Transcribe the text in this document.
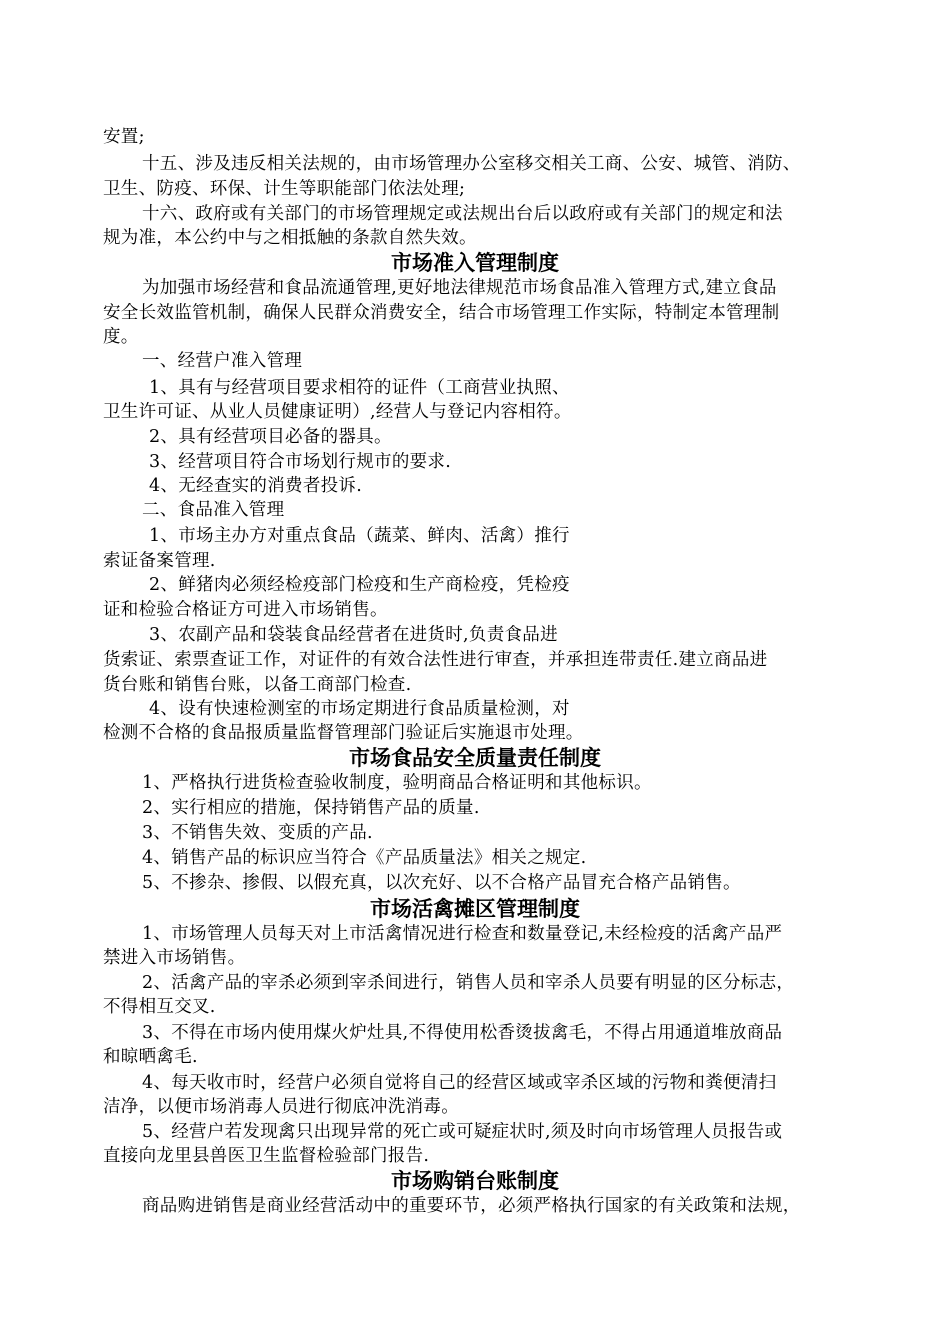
安置;
十五、涉及违反相关法规的，由市场管理办公室移交相关工商、公安、城管、消防、
卫生、防疫、环保、计生等职能部门依法处理;
十六、政府或有关部门的市场管理规定或法规出台后以政府或有关部门的规定和法
规为准，本公约中与之相抵触的条款自然失效。
市场准入管理制度
为加强市场经营和食品流通管理,更好地法律规范市场食品准入管理方式,建立食品
安全长效监管机制，确保人民群众消费安全，结合市场管理工作实际，特制定本管理制
度。
一、经营户准入管理
1、具有与经营项目要求相符的证件（工商营业执照、
卫生许可证、从业人员健康证明）,经营人与登记内容相符。
2、具有经营项目必备的器具。
3、经营项目符合市场划行规市的要求.
4、无经查实的消费者投诉.
二、食品准入管理
1、市场主办方对重点食品（蔬菜、鲜肉、活禽）推行
索证备案管理.
2、鲜猪肉必须经检疫部门检疫和生产商检疫，凭检疫
证和检验合格证方可进入市场销售。
3、农副产品和袋装食品经营者在进货时,负责食品进
货索证、索票查证工作，对证件的有效合法性进行审查，并承担连带责任.建立商品进
货台账和销售台账，以备工商部门检查.
4、设有快速检测室的市场定期进行食品质量检测，对
检测不合格的食品报质量监督管理部门验证后实施退市处理。
市场食品安全质量责任制度
1、严格执行进货检查验收制度，验明商品合格证明和其他标识。
2、实行相应的措施，保持销售产品的质量.
3、不销售失效、变质的产品.
4、销售产品的标识应当符合《产品质量法》相关之规定.
5、不掺杂、掺假、以假充真，以次充好、以不合格产品冒充合格产品销售。
市场活禽摊区管理制度
1、市场管理人员每天对上市活禽情况进行检查和数量登记,未经检疫的活禽产品严
禁进入市场销售。
2、活禽产品的宰杀必须到宰杀间进行，销售人员和宰杀人员要有明显的区分标志，
不得相互交叉.
3、不得在市场内使用煤火炉灶具,不得使用松香烫拔禽毛，不得占用通道堆放商品
和晾晒禽毛.
4、每天收市时，经营户必须自觉将自己的经营区域或宰杀区域的污物和粪便清扫
洁净，以便市场消毒人员进行彻底冲洗消毒。
5、经营户若发现禽只出现异常的死亡或可疑症状时,须及时向市场管理人员报告或
直接向龙里县兽医卫生监督检验部门报告.
市场购销台账制度
商品购进销售是商业经营活动中的重要环节，必须严格执行国家的有关政策和法规，
